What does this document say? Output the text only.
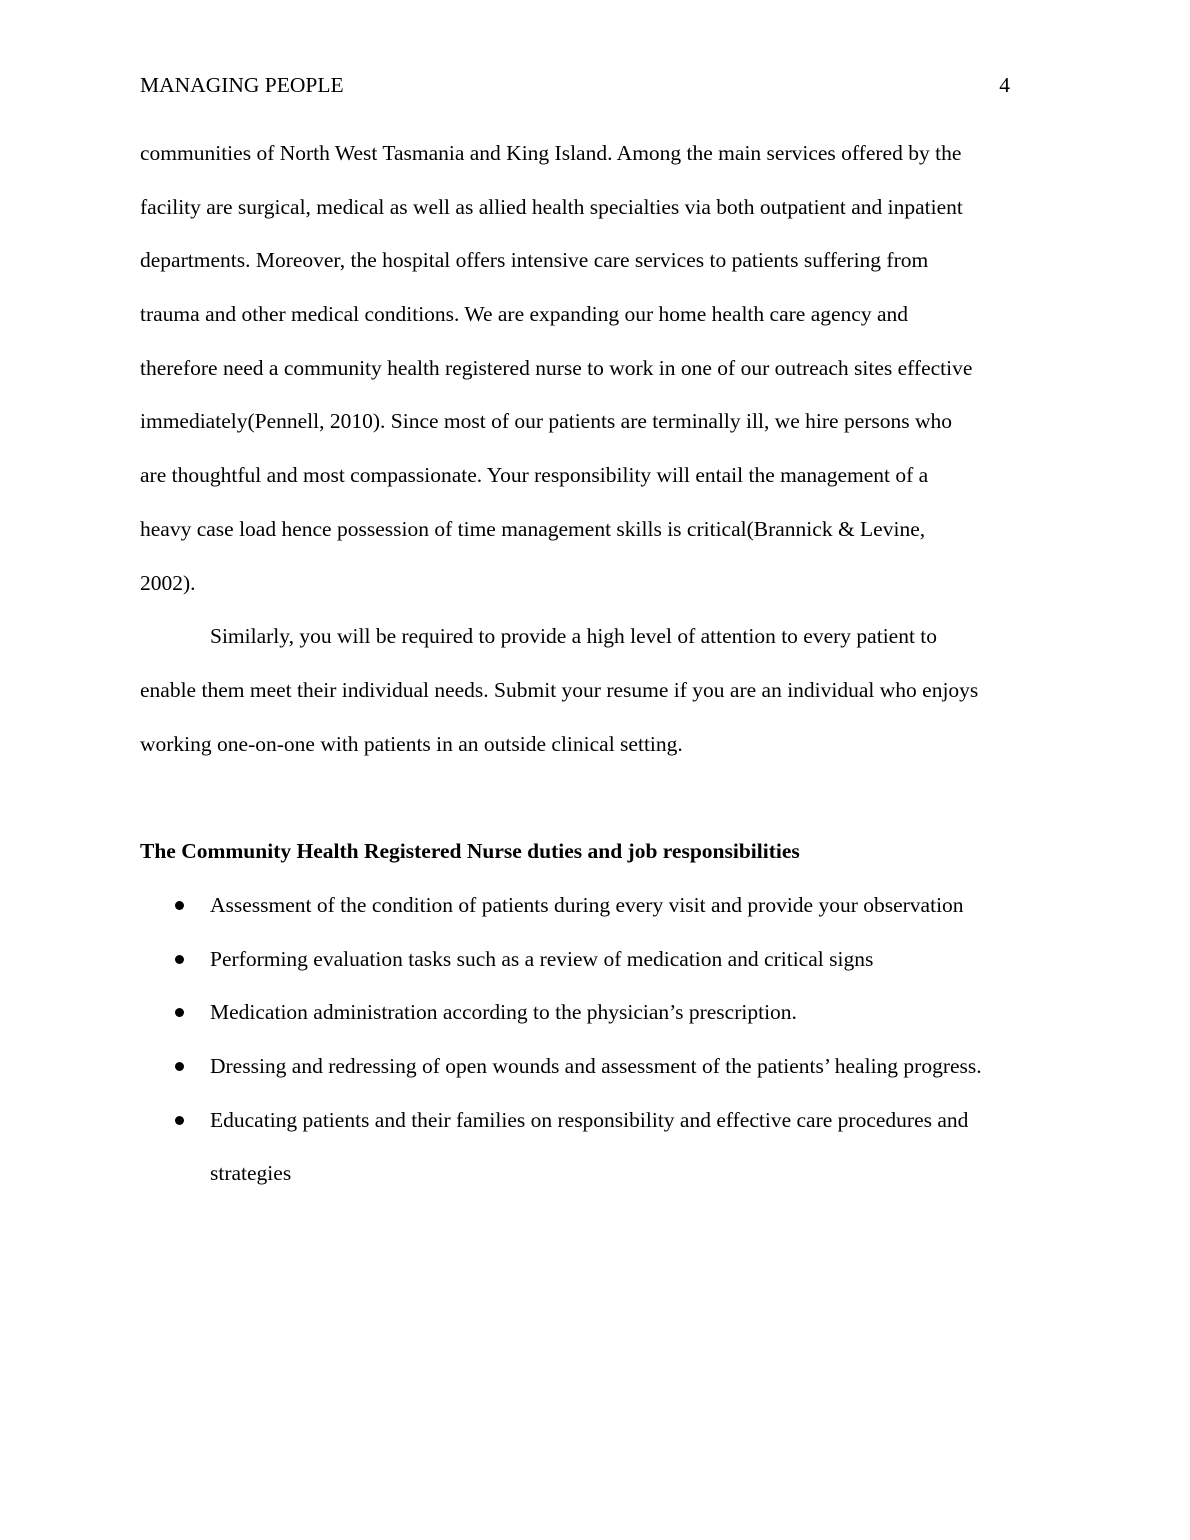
MANAGING PEOPLE	4
communities of North West Tasmania and King Island. Among the main services offered by the
facility are surgical, medical as well as allied health specialties via both outpatient and inpatient
departments. Moreover, the hospital offers intensive care services to patients suffering from
trauma and other medical conditions. We are expanding our home health care agency and
therefore need a community health registered nurse to work in one of our outreach sites effective
immediately(Pennell, 2010). Since most of our patients are terminally ill, we hire persons who
are thoughtful and most compassionate. Your responsibility will entail the management of a
heavy case load hence possession of time management skills is critical(Brannick & Levine,
2002).
Similarly, you will be required to provide a high level of attention to every patient to
enable them meet their individual needs. Submit your resume if you are an individual who enjoys
working one-on-one with patients in an outside clinical setting.
The Community Health Registered Nurse duties and job responsibilities
Assessment of the condition of patients during every visit and provide your observation
Performing evaluation tasks such as a review of medication and critical signs
Medication administration according to the physician’s prescription.
Dressing and redressing of open wounds and assessment of the patients’ healing progress.
Educating patients and their families on responsibility and effective care procedures and
strategies
